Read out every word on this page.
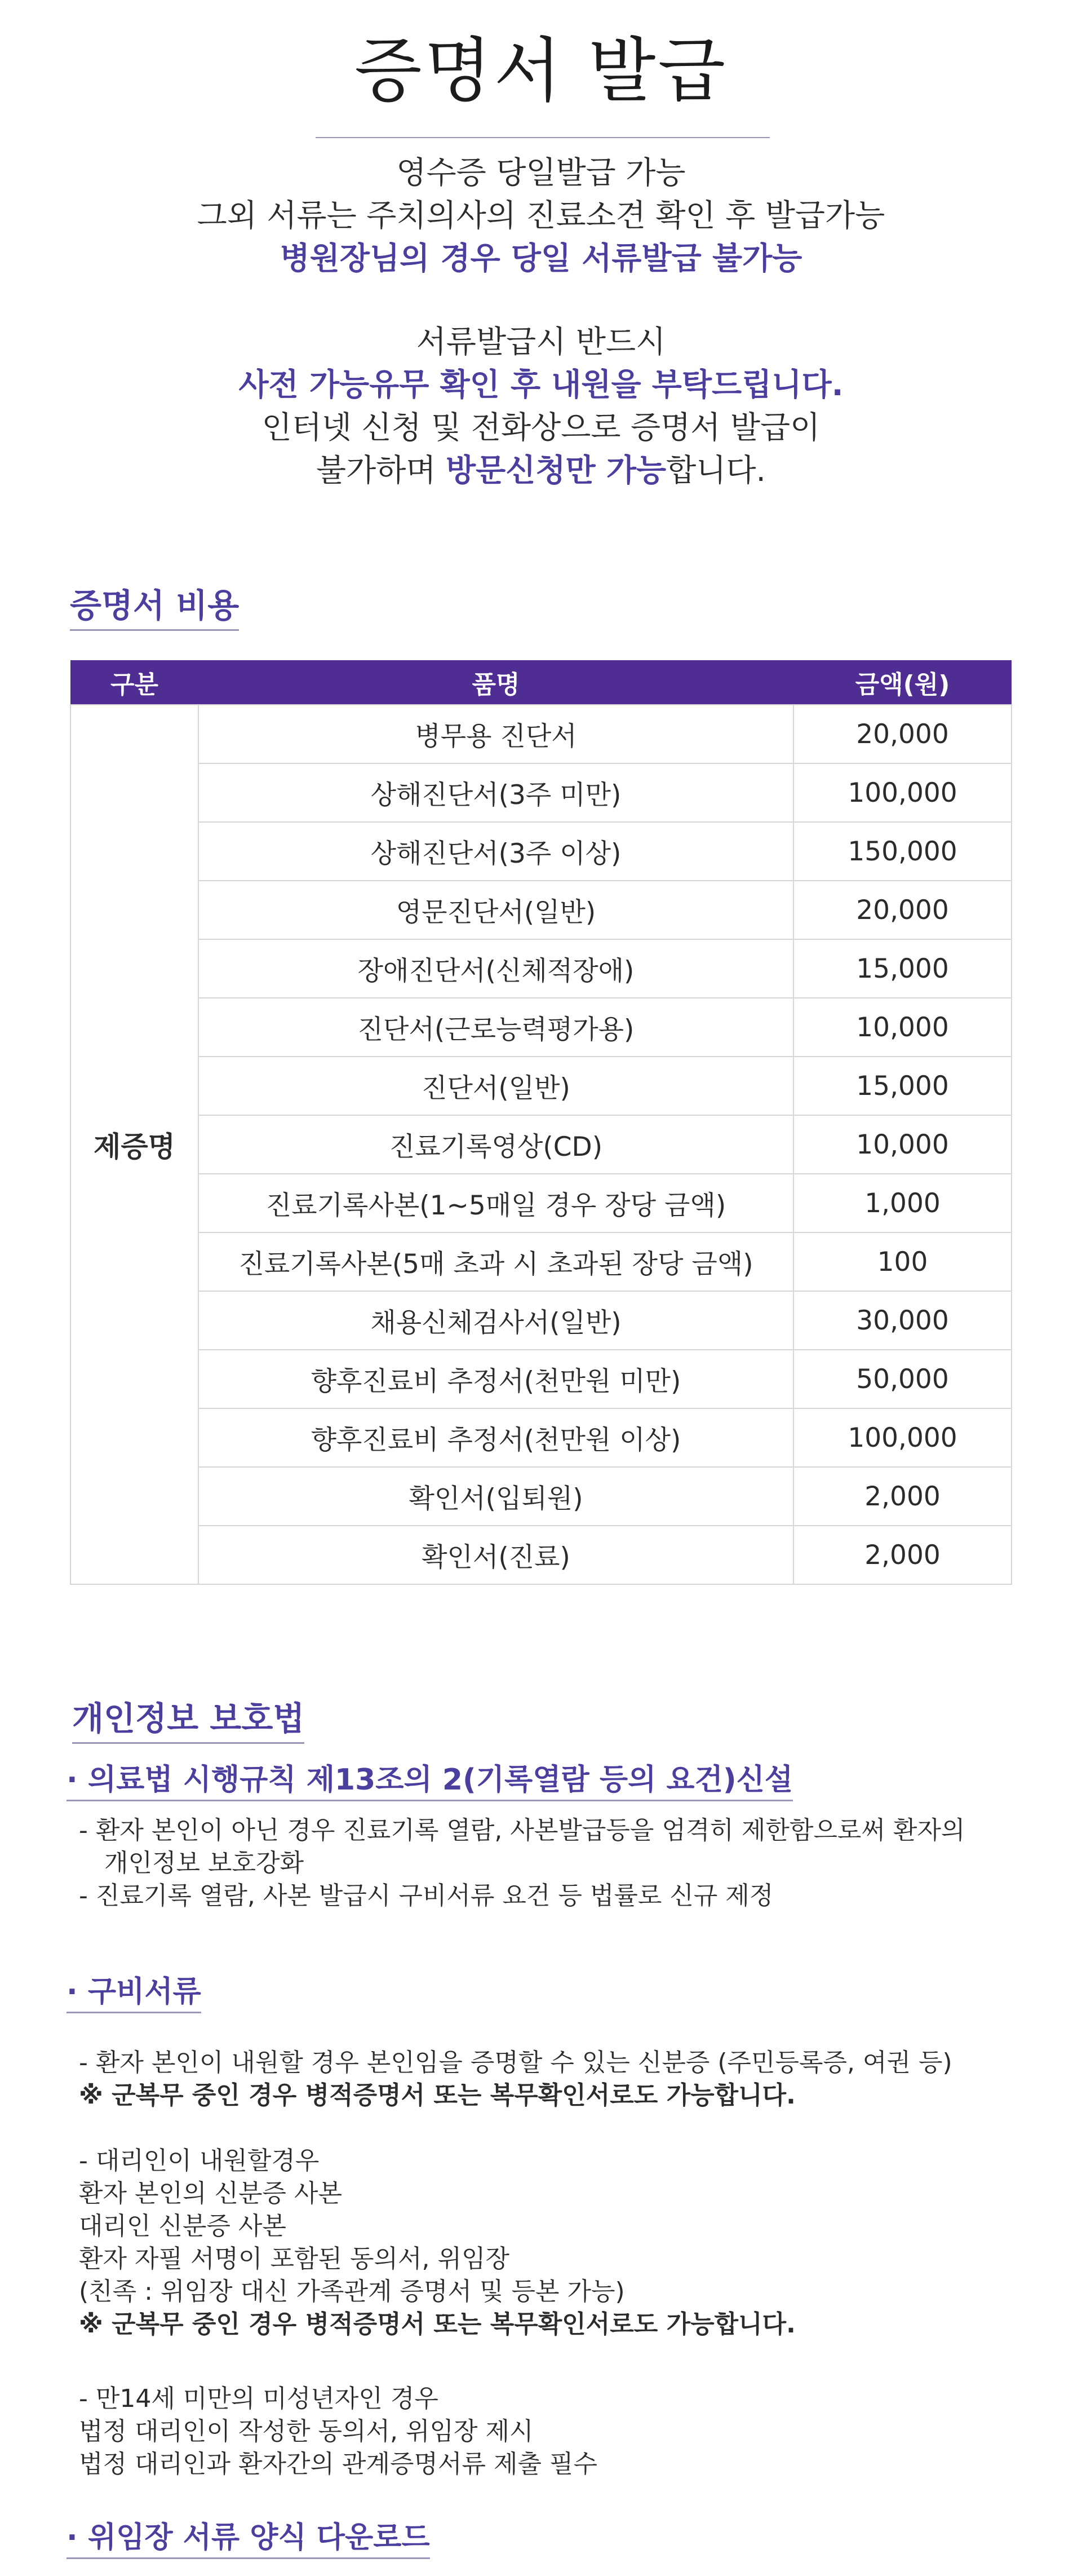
증명서 발급
영수증 당일발급 가능
그외 서류는 주치의사의 진료소견 확인 후 발급가능
병원장님의 경우 당일 서류발급 불가능
서류발급시 반드시
사전 가능유무 확인 후 내원을 부탁드립니다.
인터넷 신청 및 전화상으로 증명서 발급이
불가하며 방문신청만 가능합니다.
증명서 비용
구분	품명	금액(원)
제증명	병무용 진단서	20,000
	상해진단서(3주 미만)	100,000
	상해진단서(3주 이상)	150,000
	영문진단서(일반)	20,000
	장애진단서(신체적장애)	15,000
	진단서(근로능력평가용)	10,000
	진단서(일반)	15,000
	진료기록영상(CD)	10,000
	진료기록사본(1~5매일 경우 장당 금액)	1,000
	진료기록사본(5매 초과 시 초과된 장당 금액)	100
	채용신체검사서(일반)	30,000
	향후진료비 추정서(천만원 미만)	50,000
	향후진료비 추정서(천만원 이상)	100,000
	확인서(입퇴원)	2,000
	확인서(진료)	2,000
개인정보 보호법
· 의료법 시행규칙 제13조의 2(기록열람 등의 요건)신설
- 환자 본인이 아닌 경우 진료기록 열람, 사본발급등을 엄격히 제한함으로써 환자의
개인정보 보호강화
- 진료기록 열람, 사본 발급시 구비서류 요건 등 법률로 신규 제정
· 구비서류
- 환자 본인이 내원할 경우 본인임을 증명할 수 있는 신분증 (주민등록증, 여권 등)
※ 군복무 중인 경우 병적증명서 또는 복무확인서로도 가능합니다.
- 대리인이 내원할경우
환자 본인의 신분증 사본
대리인 신분증 사본
환자 자필 서명이 포함된 동의서, 위임장
(친족 : 위임장 대신 가족관계 증명서 및 등본 가능)
※ 군복무 중인 경우 병적증명서 또는 복무확인서로도 가능합니다.
- 만14세 미만의 미성년자인 경우
법정 대리인이 작성한 동의서, 위임장 제시
법정 대리인과 환자간의 관계증명서류 제출 필수
· 위임장 서류 양식 다운로드
